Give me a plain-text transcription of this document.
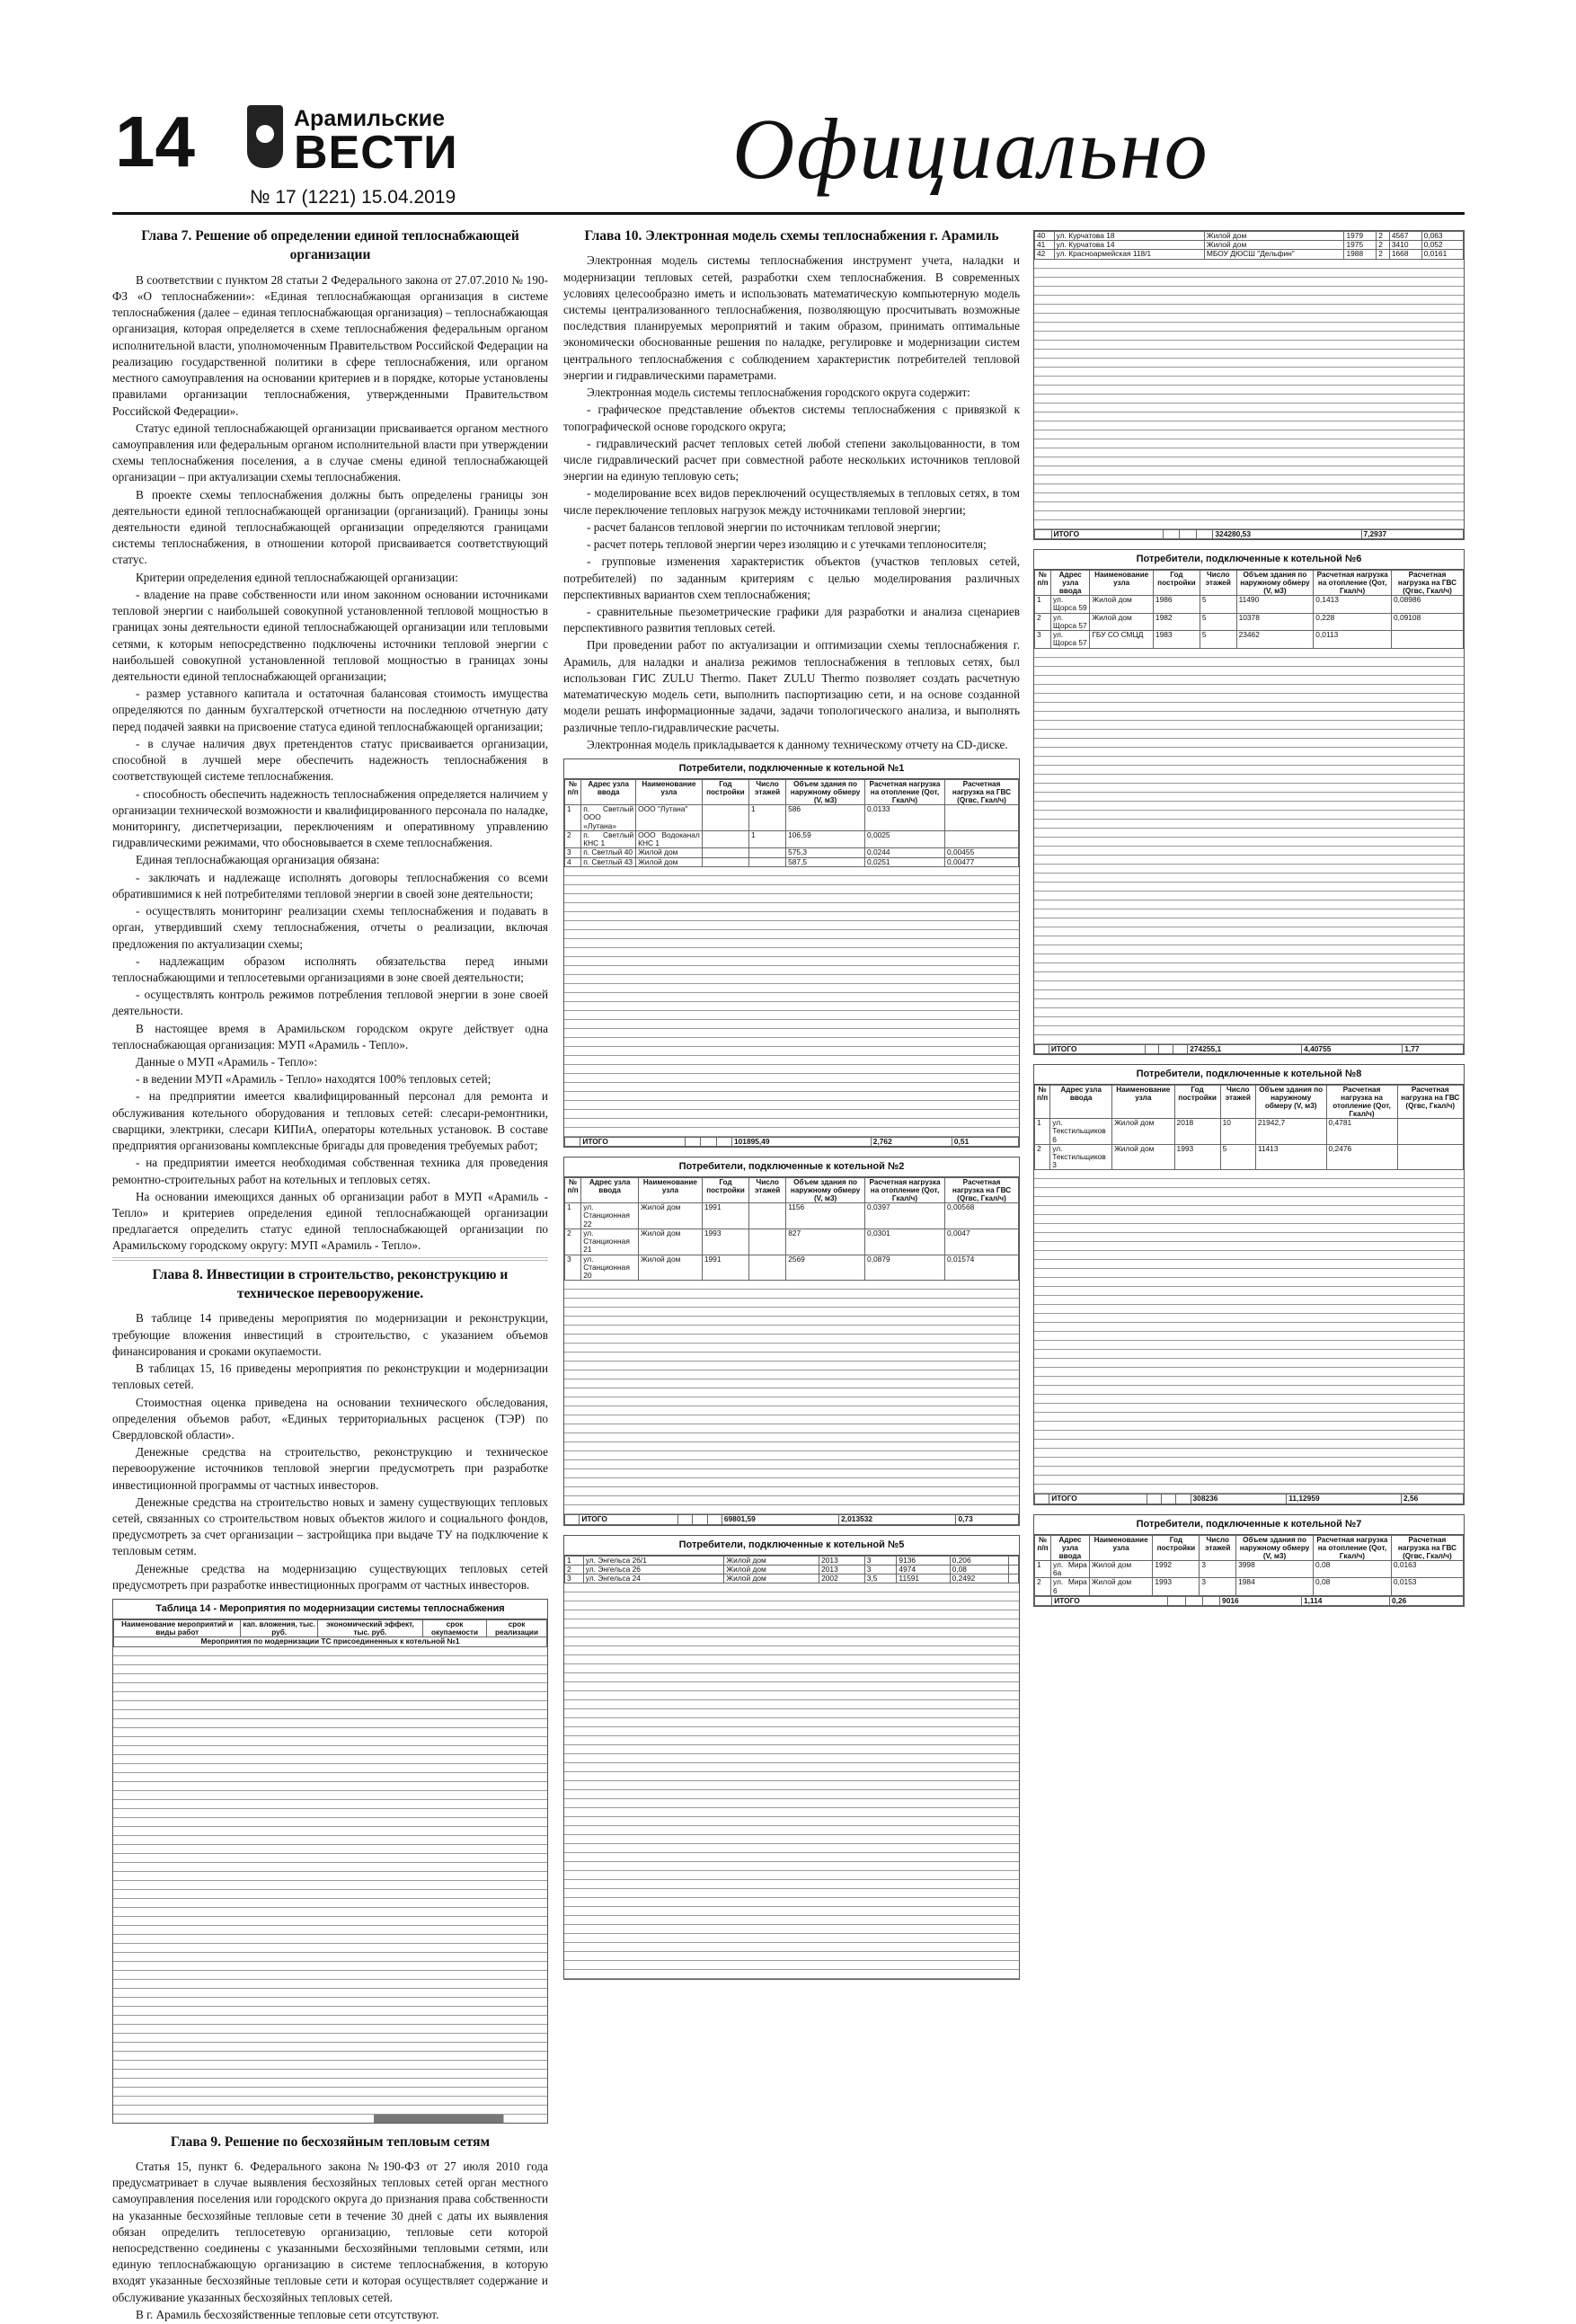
14	Арамильские
ВЕСТИ
№ 17 (1221) 15.04.2019
Официально
Глава 7. Решение об определении единой теплоснабжающей организации

В соответствии с пунктом 28 статьи 2 Федерального закона от 27.07.2010 № 190-ФЗ «О теплоснабжении»: «Единая теплоснабжающая организация в системе теплоснабжения (далее – единая теплоснабжающая организация) – теплоснабжающая организация, которая определяется в схеме теплоснабжения федеральным органом исполнительной власти, уполномоченным Правительством Российской Федерации на реализацию государственной политики в сфере теплоснабжения, или органом местного самоуправления на основании критериев и в порядке, которые установлены правилами организации теплоснабжения, утвержденными Правительством Российской Федерации».

Статус единой теплоснабжающей организации присваивается органом местного самоуправления или федеральным органом исполнительной власти при утверждении схемы теплоснабжения поселения, а в случае смены единой теплоснабжающей организации – при актуализации схемы теплоснабжения.

В проекте схемы теплоснабжения должны быть определены границы зон деятельности единой теплоснабжающей организации (организаций). Границы зоны деятельности единой теплоснабжающей организации определяются границами системы теплоснабжения, в отношении которой присваивается соответствующий статус.

Критерии определения единой теплоснабжающей организации:

- владение на праве собственности или ином законном основании источниками тепловой энергии с наибольшей совокупной установленной тепловой мощностью в границах зоны деятельности единой теплоснабжающей организации или тепловыми сетями, к которым непосредственно подключены источники тепловой энергии с наибольшей совокупной установленной тепловой мощностью в границах зоны деятельности единой теплоснабжающей организации;

- размер уставного капитала и остаточная балансовая стоимость имущества определяются по данным бухгалтерской отчетности на последнюю отчетную дату перед подачей заявки на присвоение статуса единой теплоснабжающей организации;

- в случае наличия двух претендентов статус присваивается организации, способной в лучшей мере обеспечить надежность теплоснабжения в соответствующей системе теплоснабжения.

- способность обеспечить надежность теплоснабжения определяется наличием у организации технической возможности и квалифицированного персонала по наладке, мониторингу, диспетчеризации, переключениям и оперативному управлению гидравлическими режимами, что обосновывается в схеме теплоснабжения.

Единая теплоснабжающая организация обязана:

- заключать и надлежаще исполнять договоры теплоснабжения со всеми обратившимися к ней потребителями тепловой энергии в своей зоне деятельности;

- осуществлять мониторинг реализации схемы теплоснабжения и подавать в орган, утвердивший схему теплоснабжения, отчеты о реализации, включая предложения по актуализации схемы;

- надлежащим образом исполнять обязательства перед иными теплоснабжающими и теплосетевыми организациями в зоне своей деятельности;

- осуществлять контроль режимов потребления тепловой энергии в зоне своей деятельности.

В настоящее время в Арамильском городском округе действует одна теплоснабжающая организация: МУП «Арамиль - Тепло».

Данные о МУП «Арамиль - Тепло»:

- в ведении МУП «Арамиль - Тепло» находятся 100% тепловых сетей;

- на предприятии имеется квалифицированный персонал для ремонта и обслуживания котельного оборудования и тепловых сетей: слесари-ремонтники, сварщики, электрики, слесари КИПиА, операторы котельных установок. В составе предприятия организованы комплексные бригады для проведения требуемых работ;

- на предприятии имеется необходимая собственная техника для проведения ремонтно-строительных работ на котельных и тепловых сетях.

На основании имеющихся данных об организации работ в МУП «Арамиль - Тепло» и критериев определения единой теплоснабжающей организации предлагается определить статус единой теплоснабжающей организации по Арамильскому городскому округу: МУП «Арамиль - Тепло».

Глава 8. Инвестиции в строительство, реконструкцию и техническое перевооружение.

В таблице 14 приведены мероприятия по модернизации и реконструкции, требующие вложения инвестиций в строительство, с указанием объемов финансирования и сроками окупаемости.

В таблицах 15, 16 приведены мероприятия по реконструкции и модернизации тепловых сетей.

Стоимостная оценка приведена на основании технического обследования, определения объемов работ, «Единых территориальных расценок (ТЭР) по Свердловской области».

Денежные средства на строительство, реконструкцию и техническое перевооружение источников тепловой энергии предусмотреть при разработке инвестиционной программы от частных инвесторов.

Денежные средства на строительство новых и замену существующих тепловых сетей, связанных со строительством новых объектов жилого и социального фондов, предусмотреть за счет организации – застройщика при выдаче ТУ на подключение к тепловым сетям.

Денежные средства на модернизацию существующих тепловых сетей предусмотреть при разработке инвестиционных программ от частных инвесторов.

Таблица 14 - Мероприятия по модернизации системы теплоснабжения
Наименование мероприятий и виды работ	кап. вложения, тыс. руб.	экономический эффект, тыс. руб.	срок окупаемости	срок реализации
Мероприятия по модернизации ТС присоединенных к котельной №1
Глава 9. Решение по бесхозяйным тепловым сетям

Статья 15, пункт 6. Федерального закона №190-ФЗ от 27 июля 2010 года предусматривает в случае выявления бесхозяйных тепловых сетей орган местного самоуправления поселения или городского округа до признания права собственности на указанные бесхозяйные тепловые сети в течение 30 дней с даты их выявления обязан определить теплосетевую организацию, тепловые сети которой непосредственно соединены с указанными бесхозяйными тепловыми сетями, или единую теплоснабжающую организацию в системе теплоснабжения, в которую входят указанные бесхозяйные тепловые сети и которая осуществляет содержание и обслуживание указанных бесхозяйных тепловых сетей.

В г. Арамиль бесхозяйственные тепловые сети отсутствуют.

Глава 10. Электронная модель схемы теплоснабжения г. Арамиль

Электронная модель системы теплоснабжения инструмент учета, наладки и модернизации тепловых сетей, разработки схем теплоснабжения. В современных условиях целесообразно иметь и использовать математическую компьютерную модель системы централизованного теплоснабжения, позволяющую просчитывать возможные последствия планируемых мероприятий и таким образом, принимать оптимальные экономически обоснованные решения по наладке, регулировке и модернизации систем центрального теплоснабжения с соблюдением характеристик потребителей тепловой энергии и гидравлическими параметрами.

Электронная модель системы теплоснабжения городского округа содержит:

- графическое представление объектов системы теплоснабжения с привязкой к топографической основе городского округа;

- гидравлический расчет тепловых сетей любой степени закольцованности, в том числе гидравлический расчет при совместной работе нескольких источников тепловой энергии на единую тепловую сеть;

- моделирование всех видов переключений осуществляемых в тепловых сетях, в том числе переключение тепловых нагрузок между источниками тепловой энергии;

- расчет балансов тепловой энергии по источникам тепловой энергии;

- расчет потерь тепловой энергии через изоляцию и с утечками теплоносителя;

- групповые изменения характеристик объектов (участков тепловых сетей, потребителей) по заданным критериям с целью моделирования различных перспективных вариантов схем теплоснабжения;

- сравнительные пьезометрические графики для разработки и анализа сценариев перспективного развития тепловых сетей.

При проведении работ по актуализации и оптимизации схемы теплоснабжения г. Арамиль, для наладки и анализа режимов теплоснабжения в тепловых сетях, был использован ГИС ZULU Thermo. Пакет ZULU Thermo позволяет создать расчетную математическую модель сети, выполнить паспортизацию сети, и на основе созданной модели решать информационные задачи, задачи топологического анализа, и выполнять различные тепло-гидравлические расчеты.

Электронная модель прикладывается к данному техническому отчету на CD-диске.

Потребители, подключенные к котельной №1
№ п/п	Адрес узла ввода	Наименование узла	Год постройки	Число этажей	Объем здания по наружному обмеру (V, м3)	Расчетная нагрузка на отопление (Qот, Гкал/ч)	Расчетная нагрузка на ГВС (Qгвс, Гкал/ч)
1	п. Светлый ООО «Лутана»	ООО "Лутана"		1	586	0,0133	
2	п. Светлый КНС 1	ООО Водоканал КНС 1		1	106,59	0,0025	
3	п. Светлый 40	Жилой дом			575,3	0,0244	0,00455
4	п. Светлый 43	Жилой дом			587,5	0,0251	0,00477
	ИТОГО				101895,49	2,762	0,51
Потребители, подключенные к котельной №2
№ п/п	Адрес узла ввода	Наименование узла	Год постройки	Число этажей	Объем здания по наружному обмеру (V, м3)	Расчетная нагрузка на отопление (Qот, Гкал/ч)	Расчетная нагрузка на ГВС (Qгвс, Гкал/ч)
1	ул. Станционная 22	Жилой дом	1991		1156	0,0397	0,00568
2	ул. Станционная 21	Жилой дом	1993		827	0,0301	0,0047
3	ул. Станционная 20	Жилой дом	1991		2569	0,0879	0,01574
	ИТОГО				69801,59	2,013532	0,73
Потребители, подключенные к котельной №5
1	ул. Энгельса 26/1	Жилой дом	2013	3	9136	0,206	
2	ул. Энгельса 26	Жилой дом	2013	3	4974	0,08	
3	ул. Энгельса 24	Жилой дом	2002	3,5	11591	0,2492	
40	ул. Курчатова 18	Жилой дом	1979	2	4567	0,063
41	ул. Курчатова 14	Жилой дом	1975	2	3410	0,052
42	ул. Красноармейская 118/1	МБОУ ДЮСШ "Дельфин"	1988	2	1668	0,0161
	ИТОГО				324280,53	7,2937
Потребители, подключенные к котельной №6
№ п/п	Адрес узла ввода	Наименование узла	Год постройки	Число этажей	Объем здания по наружному обмеру (V, м3)	Расчетная нагрузка на отопление (Qот, Гкал/ч)	Расчетная нагрузка на ГВС (Qгвс, Гкал/ч)
1	ул. Щорса 59	Жилой дом	1986	5	11490	0,1413	0,08986
2	ул. Щорса 57	Жилой дом	1982	5	10378	0,228	0,09108
3	ул. Щорса 57	ГБУ СО СМЦД	1983	5	23462	0,0113	
	ИТОГО				274255,1	4,40755	1,77
Потребители, подключенные к котельной №8
№ п/п	Адрес узла ввода	Наименование узла	Год постройки	Число этажей	Объем здания по наружному обмеру (V, м3)	Расчетная нагрузка на отопление (Qот, Гкал/ч)	Расчетная нагрузка на ГВС (Qгвс, Гкал/ч)
1	ул. Текстильщиков 6	Жилой дом	2018	10	21942,7	0,4781	
2	ул. Текстильщиков 3	Жилой дом	1993	5	11413	0,2476	
	ИТОГО				308236	11,12959	2,56
Потребители, подключенные к котельной №7
№ п/п	Адрес узла ввода	Наименование узла	Год постройки	Число этажей	Объем здания по наружному обмеру (V, м3)	Расчетная нагрузка на отопление (Qот, Гкал/ч)	Расчетная нагрузка на ГВС (Qгвс, Гкал/ч)
1	ул. Мира 6а	Жилой дом	1992	3	3998	0,08	0,0163
2	ул. Мира 6	Жилой дом	1993	3	1984	0,08	0,0153
	ИТОГО				9016	1,114	0,26
